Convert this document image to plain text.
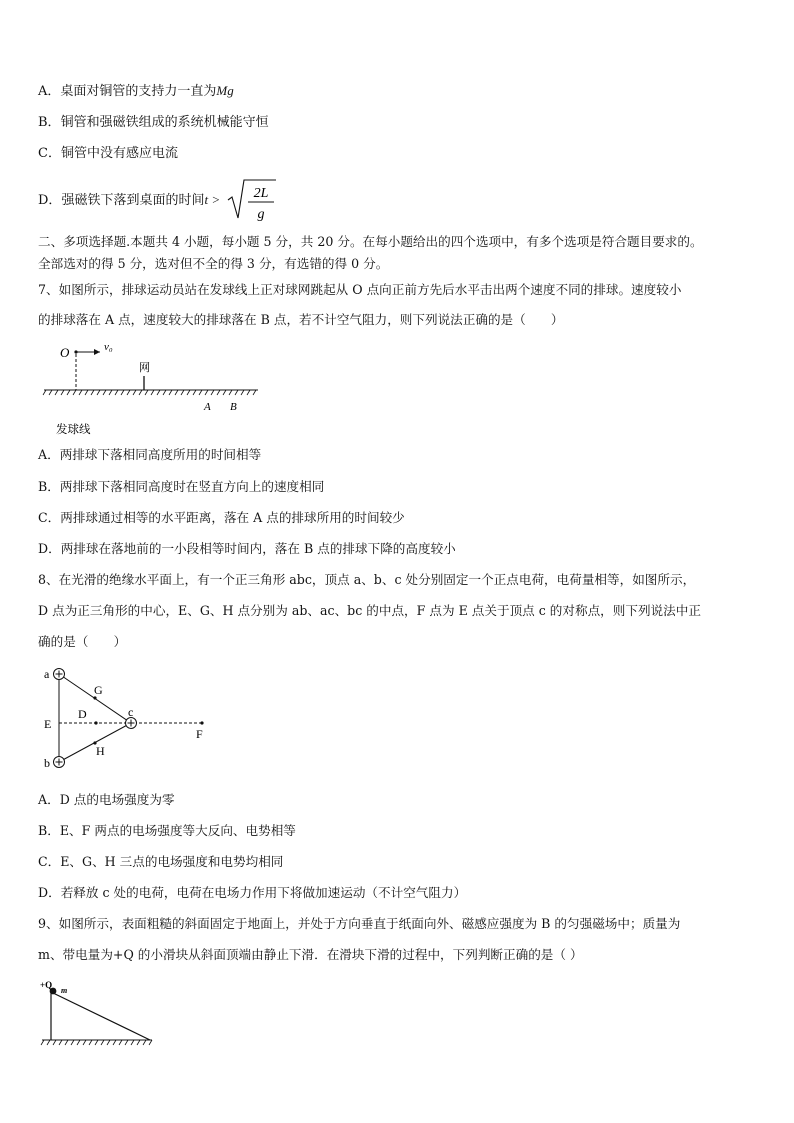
A．桌面对铜管的支持力一直为Mg
B．铜管和强磁铁组成的系统机械能守恒
C．铜管中没有感应电流
D．强磁铁下落到桌面的时间t >	2L
g
二、多项选择题.本题共 4 小题，每小题 5 分，共 20 分。在每小题给出的四个选项中，有多个选项是符合题目要求的。
全部选对的得 5 分，选对但不全的得 3 分，有选错的得 0 分。
7、如图所示，排球运动员站在发球线上正对球网跳起从 O 点向正前方先后水平击出两个速度不同的排球。速度较小
的排球落在 A 点，速度较大的排球落在 B 点，若不计空气阻力，则下列说法正确的是（　　）
O	v₀
网
A B
发球线
A．两排球下落相同高度所用的时间相等
B．两排球下落相同高度时在竖直方向上的速度相同
C．两排球通过相等的水平距离，落在 A 点的排球所用的时间较少
D．两排球在落地前的一小段相等时间内，落在 B 点的排球下降的高度较小
8、在光滑的绝缘水平面上，有一个正三角形 abc，顶点 a、b、c 处分别固定一个正点电荷，电荷量相等，如图所示，
D 点为正三角形的中心，E、G、H 点分别为 ab、ac、bc 的中点，F 点为 E 点关于顶点 c 的对称点，则下列说法中正
确的是（　　）
a
b
c
D
E
F
G
H
A．D 点的电场强度为零
B．E、F 两点的电场强度等大反向、电势相等
C．E、G、H 三点的电场强度和电势均相同
D．若释放 c 处的电荷，电荷在电场力作用下将做加速运动（不计空气阻力）
9、如图所示，表面粗糙的斜面固定于地面上，并处于方向垂直于纸面向外、磁感应强度为 B 的匀强磁场中；质量为
m、带电量为+Q 的小滑块从斜面顶端由静止下滑．在滑块下滑的过程中，下列判断正确的是（ ）
+Q
m
